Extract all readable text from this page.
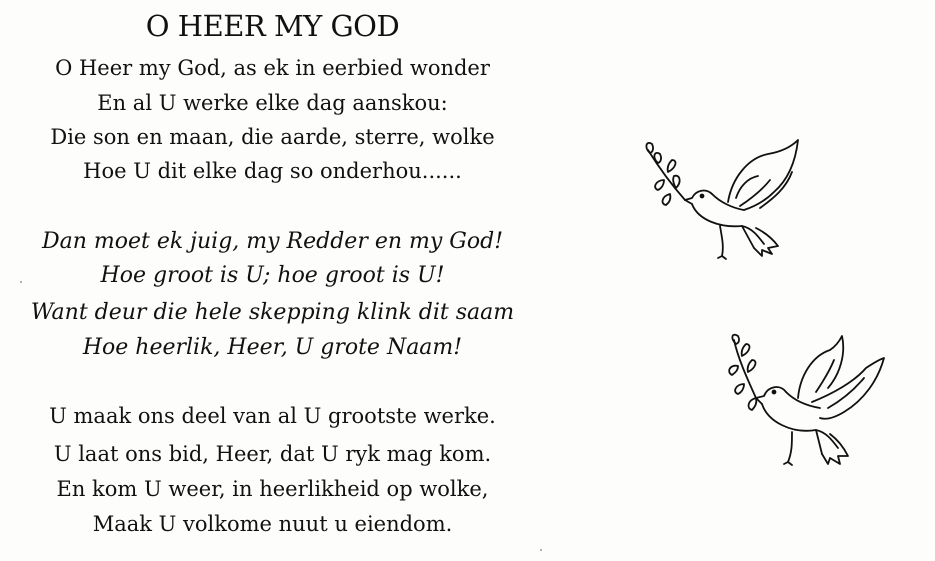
O HEER MY GOD
O Heer my God, as ek in eerbied wonder
En al U werke elke dag aanskou:
Die son en maan, die aarde, sterre, wolke
Hoe U dit elke dag so onderhou......
Dan moet ek juig, my Redder en my God!
Hoe groot is U; hoe groot is U!
Want deur die hele skepping klink dit saam
Hoe heerlik, Heer, U grote Naam!
U maak ons deel van al U grootste werke.
U laat ons bid, Heer, dat U ryk mag kom.
En kom U weer, in heerlikheid op wolke,
Maak U volkome nuut u eiendom.
